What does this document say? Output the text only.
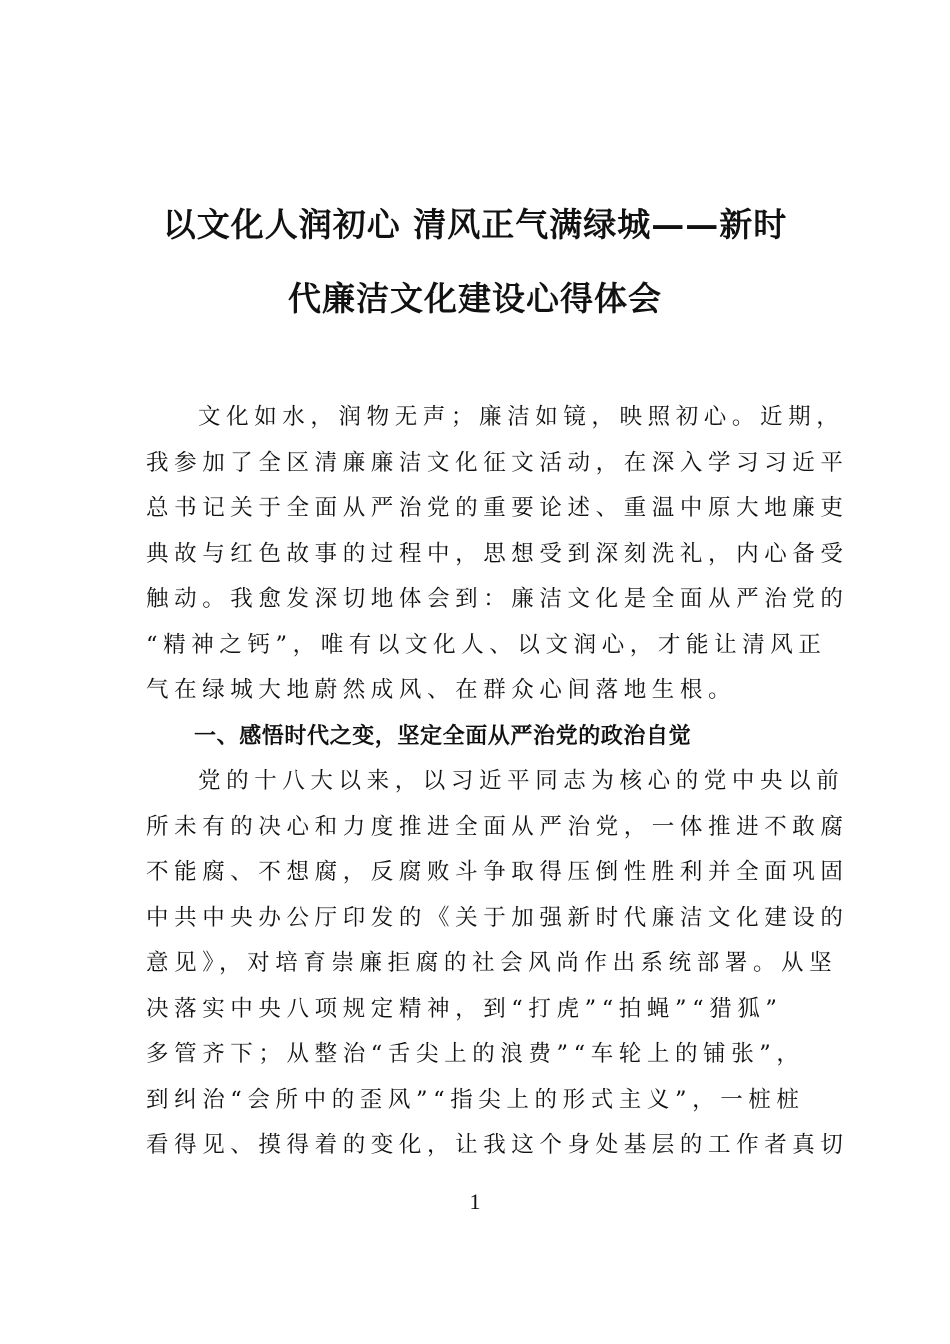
以文化人润初心 清风正气满绿城——新时
代廉洁文化建设心得体会
文化如水，润物无声；廉洁如镜，映照初心。近期，
我参加了全区清廉廉洁文化征文活动，在深入学习习近平
总书记关于全面从严治党的重要论述、重温中原大地廉吏
典故与红色故事的过程中，思想受到深刻洗礼，内心备受
触动。我愈发深切地体会到：廉洁文化是全面从严治党的
“精神之钙”，唯有以文化人、以文润心，才能让清风正
气在绿城大地蔚然成风、在群众心间落地生根。
一、感悟时代之变，坚定全面从严治党的政治自觉
党的十八大以来，以习近平同志为核心的党中央以前
所未有的决心和力度推进全面从严治党，一体推进不敢腐
不能腐、不想腐，反腐败斗争取得压倒性胜利并全面巩固
中共中央办公厅印发的《关于加强新时代廉洁文化建设的
意见》，对培育崇廉拒腐的社会风尚作出系统部署。从坚
决落实中央八项规定精神，到“打虎”“拍蝇”“猎狐”
多管齐下；从整治“舌尖上的浪费”“车轮上的铺张”，
到纠治“会所中的歪风”“指尖上的形式主义”，一桩桩
看得见、摸得着的变化，让我这个身处基层的工作者真切
1
